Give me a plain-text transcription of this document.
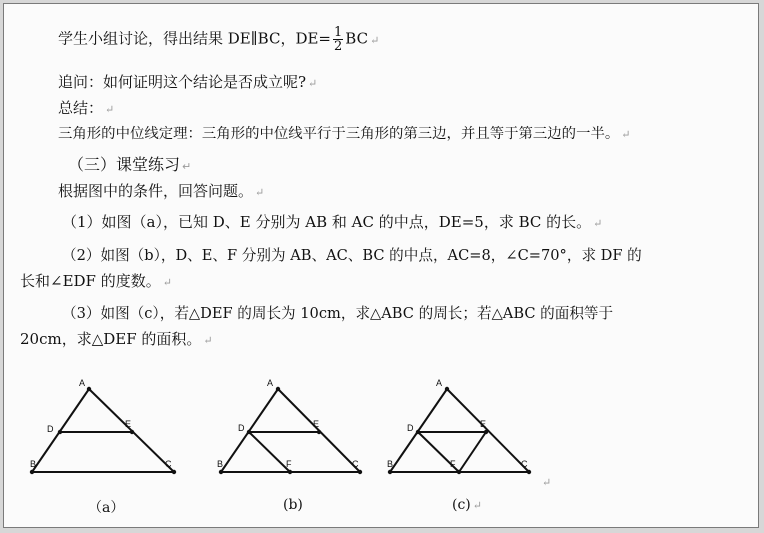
学生小组讨论，得出结果 DE∥BC，$DE= \frac{1}{2}$ BC ↵
追问：如何证明这个结论是否成立呢? ↵
总结： ↵
三角形的中位线定理：三角形的中位线平行于三角形的第三边，并且等于第三边的一半。 ↵
（三）课堂练习 ↵
根据图中的条件，回答问题。 ↵
（1）如图（a），已知 D、E 分别为 AB 和 AC 的中点，DE=5，求 BC 的长。 ↵
（2）如图（b），D、E、F 分别为 AB、AC、BC 的中点，AC=8，∠C=70°，求 DF 的
长和∠EDF 的度数。 ↵
（3）如图（c），若△DEF 的周长为 10cm，求△ABC 的周长；若△ABC 的面积等于
20cm，求△DEF 的面积。 ↵
A
D	E
B	C
A
D	E
B	F	C
A
D	E
B	F	C
（a）	(b)	(c) ↵
↵
